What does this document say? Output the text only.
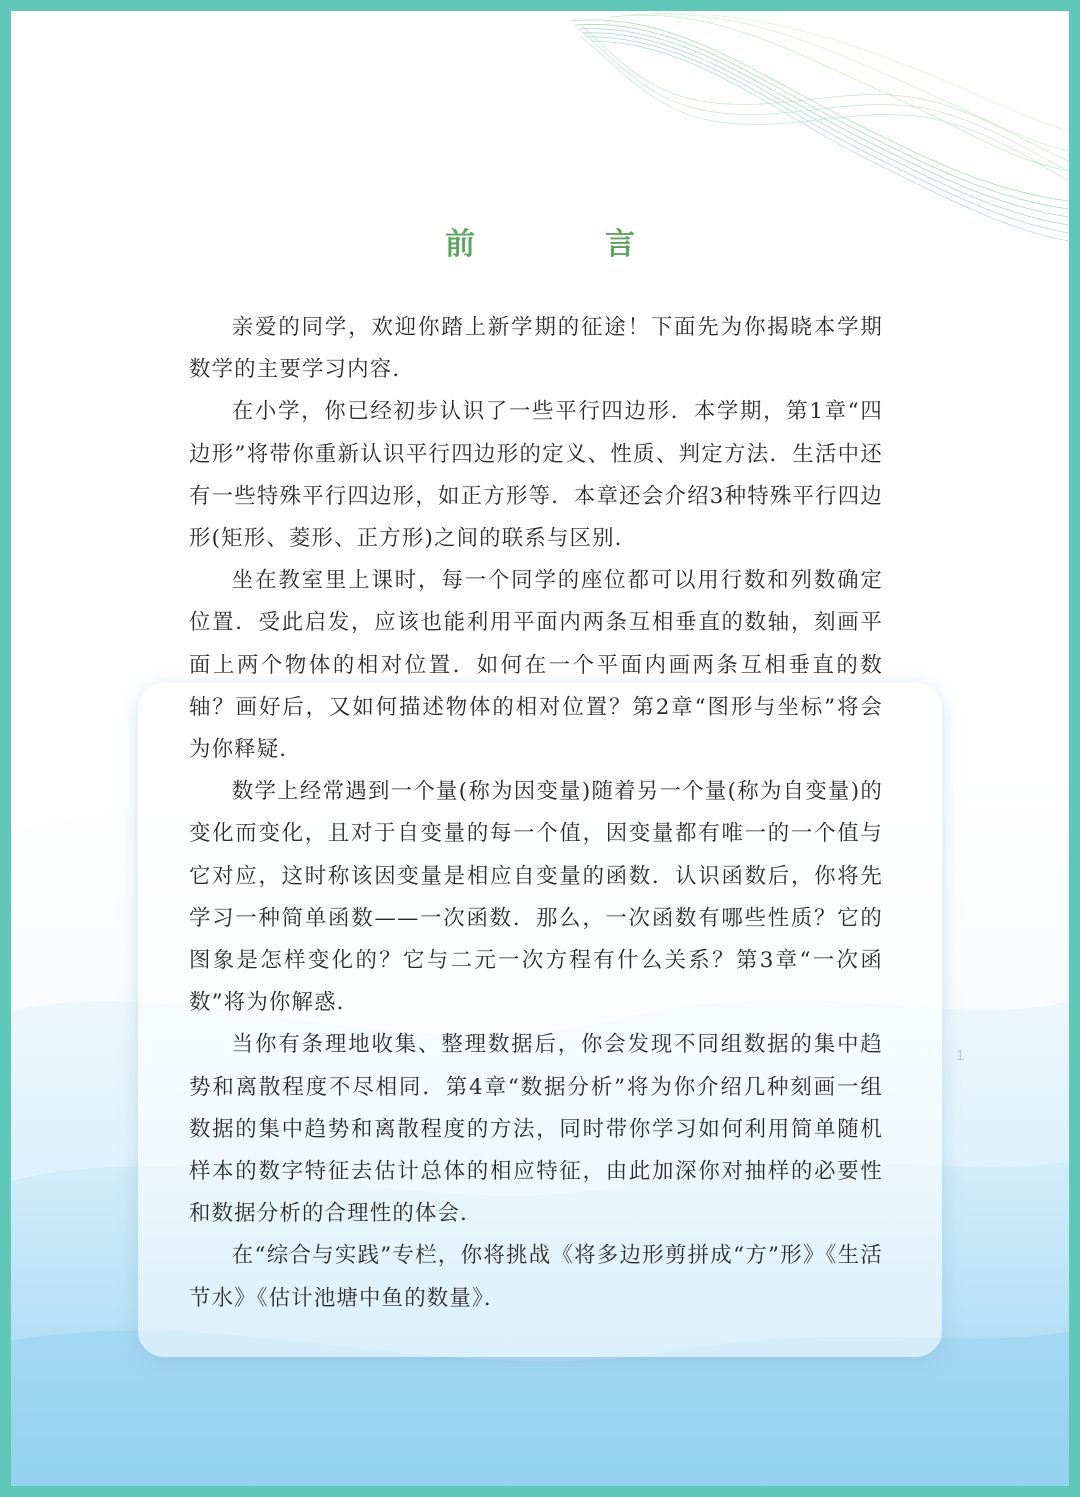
前　言

亲爱的同学，欢迎你踏上新学期的征途！下面先为你揭晓本学期数学的主要学习内容．

在小学，你已经初步认识了一些平行四边形．本学期，第1章“四边形”将带你重新认识平行四边形的定义、性质、判定方法．生活中还有一些特殊平行四边形，如正方形等．本章还会介绍3种特殊平行四边形(矩形、菱形、正方形)之间的联系与区别．

坐在教室里上课时，每一个同学的座位都可以用行数和列数确定位置．受此启发，应该也能利用平面内两条互相垂直的数轴，刻画平面上两个物体的相对位置．如何在一个平面内画两条互相垂直的数轴？画好后，又如何描述物体的相对位置？第2章“图形与坐标”将会为你释疑．

数学上经常遇到一个量(称为因变量)随着另一个量(称为自变量)的变化而变化，且对于自变量的每一个值，因变量都有唯一的一个值与它对应，这时称该因变量是相应自变量的函数．认识函数后，你将先学习一种简单函数——一次函数．那么，一次函数有哪些性质？它的图象是怎样变化的？它与二元一次方程有什么关系？第3章“一次函数”将为你解惑．

当你有条理地收集、整理数据后，你会发现不同组数据的集中趋势和离散程度不尽相同．第4章“数据分析”将为你介绍几种刻画一组数据的集中趋势和离散程度的方法，同时带你学习如何利用简单随机样本的数字特征去估计总体的相应特征，由此加深你对抽样的必要性和数据分析的合理性的体会．

在“综合与实践”专栏，你将挑战《将多边形剪拼成“方”形》《生活节水》《估计池塘中鱼的数量》．

1
